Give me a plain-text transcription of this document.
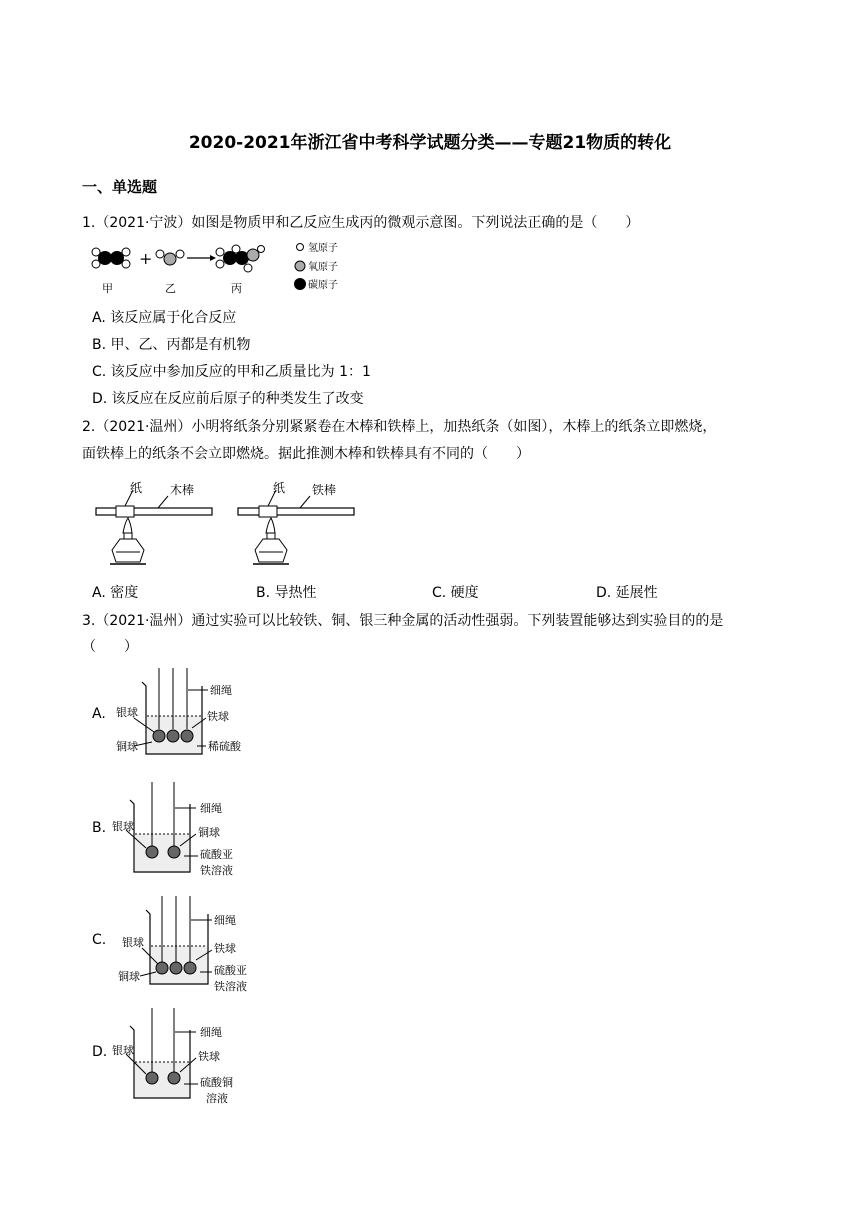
2020-2021年浙江省中考科学试题分类——专题21物质的转化
一、单选题
1.（2021·宁波）如图是物质甲和乙反应生成丙的微观示意图。下列说法正确的是（　　）
+
甲	乙	丙
氢原子
氧原子
碳原子
A. 该反应属于化合反应
B. 甲、乙、丙都是有机物
C. 该反应中参加反应的甲和乙质量比为 1：1
D. 该反应在反应前后原子的种类发生了改变
2.（2021·温州）小明将纸条分别紧紧卷在木棒和铁棒上，加热纸条（如图），木棒上的纸条立即燃烧，
面铁棒上的纸条不会立即燃烧。据此推测木棒和铁棒具有不同的（　　）
纸 木棒	纸 铁棒
A. 密度	B. 导热性	C. 硬度	D. 延展性
3.（2021·温州）通过实验可以比较铁、铜、银三种金属的活动性强弱。下列装置能够达到实验目的的是
（　　）
A.
细绳
银球	铁球
铜球	稀硫酸
B.
细绳
银球	铜球
硫酸亚
铁溶液
C.
细绳
银球	铁球
铜球	硫酸亚
铁溶液
D.
细绳
银球	铁球
硫酸铜
溶液
